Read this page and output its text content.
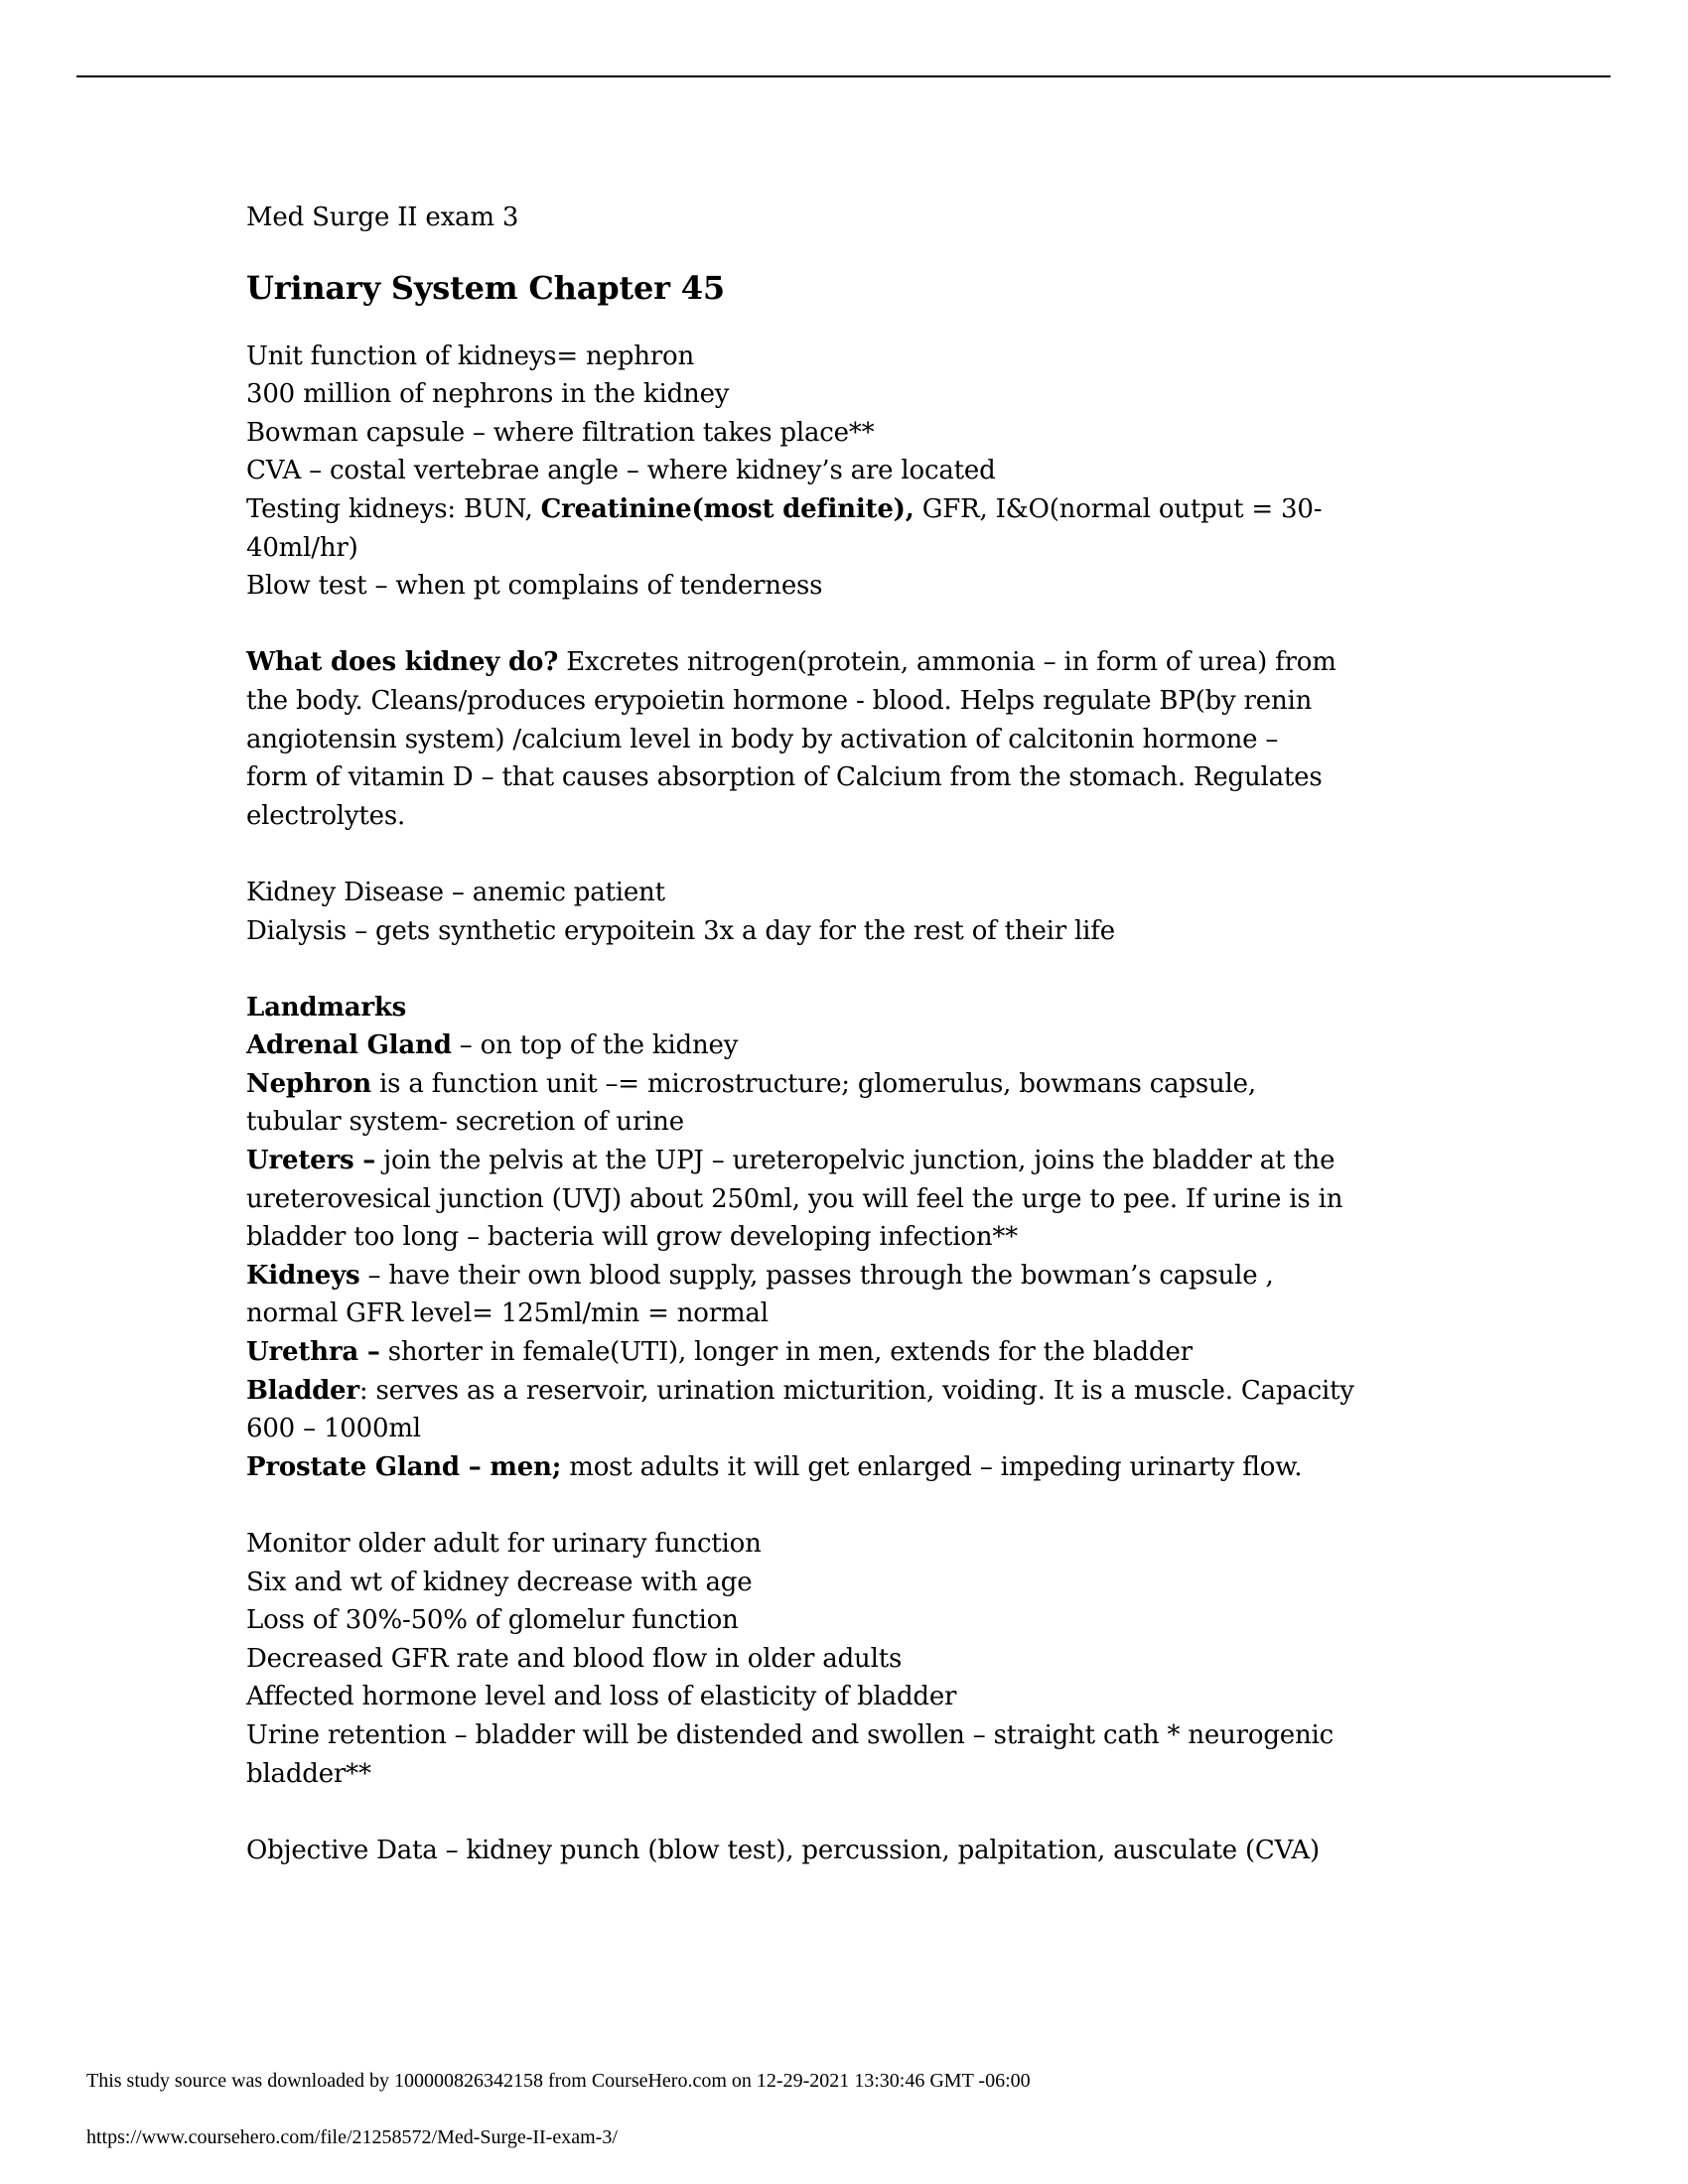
Med Surge II exam 3

Urinary System Chapter 45
Unit function of kidneys= nephron
300 million of nephrons in the kidney
Bowman capsule – where filtration takes place**
CVA – costal vertebrae angle – where kidney’s are located
Testing kidneys: BUN, Creatinine(most definite), GFR, I&O(normal output = 30-
40ml/hr)
Blow test – when pt complains of tenderness
What does kidney do? Excretes nitrogen(protein, ammonia – in form of urea) from
the body. Cleans/produces erypoietin hormone - blood. Helps regulate BP(by renin
angiotensin system) /calcium level in body by activation of calcitonin hormone –
form of vitamin D – that causes absorption of Calcium from the stomach. Regulates
electrolytes.
Kidney Disease – anemic patient
Dialysis – gets synthetic erypoitein 3x a day for the rest of their life
Landmarks
Adrenal Gland – on top of the kidney
Nephron is a function unit –= microstructure; glomerulus, bowmans capsule,
tubular system- secretion of urine
Ureters – join the pelvis at the UPJ – ureteropelvic junction, joins the bladder at the
ureterovesical junction (UVJ) about 250ml, you will feel the urge to pee. If urine is in
bladder too long – bacteria will grow developing infection**
Kidneys – have their own blood supply, passes through the bowman’s capsule ,
normal GFR level= 125ml/min = normal
Urethra – shorter in female(UTI), longer in men, extends for the bladder
Bladder: serves as a reservoir, urination micturition, voiding. It is a muscle. Capacity
600 – 1000ml
Prostate Gland – men; most adults it will get enlarged – impeding urinarty flow.
Monitor older adult for urinary function
Six and wt of kidney decrease with age
Loss of 30%-50% of glomelur function
Decreased GFR rate and blood flow in older adults
Affected hormone level and loss of elasticity of bladder
Urine retention – bladder will be distended and swollen – straight cath * neurogenic
bladder**
Objective Data – kidney punch (blow test), percussion, palpitation, ausculate (CVA)
This study source was downloaded by 100000826342158 from CourseHero.com on 12-29-2021 13:30:46 GMT -06:00
https://www.coursehero.com/file/21258572/Med-Surge-II-exam-3/
